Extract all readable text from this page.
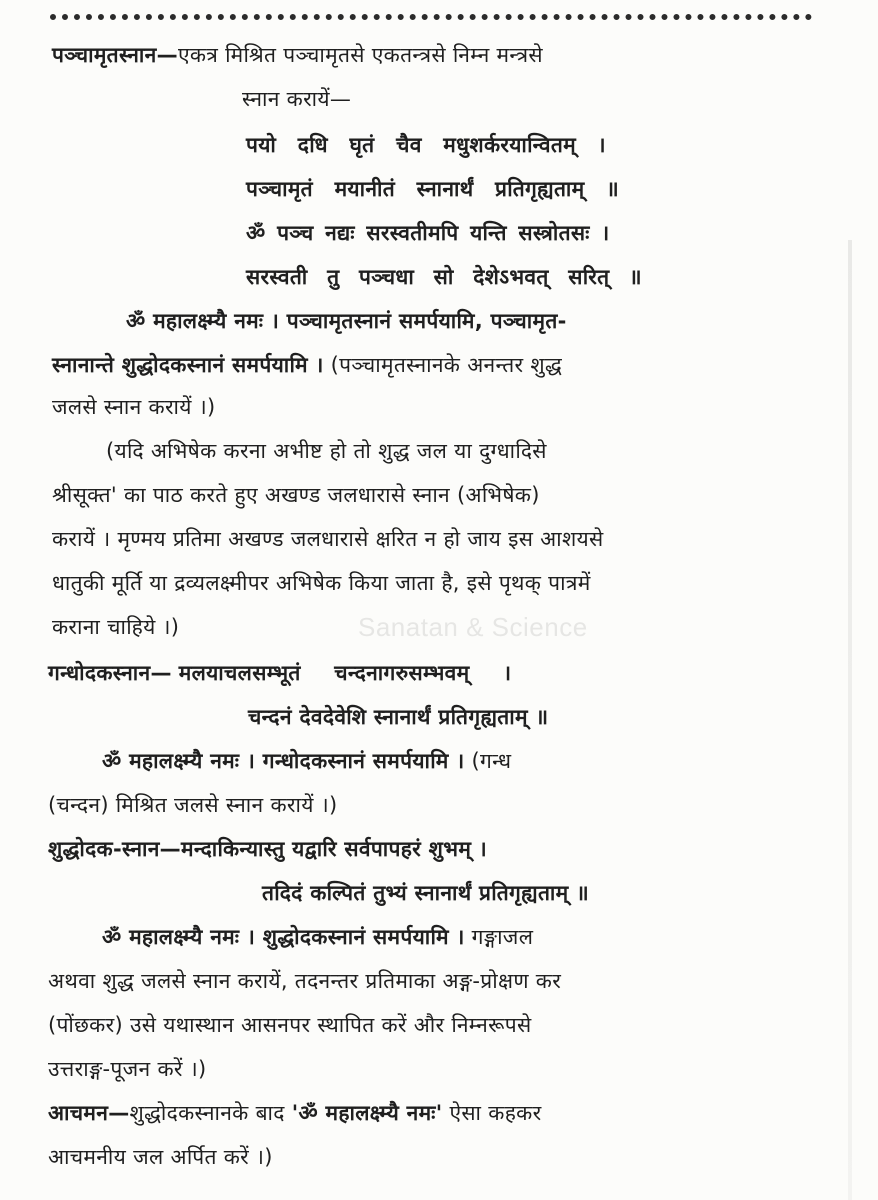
पञ्चामृतस्नान—एकत्र मिश्रित पञ्चामृतसे एकतन्त्रसे निम्न मन्त्रसे
स्नान करायें—
पयो दधि घृतं चैव मधुशर्करयान्वितम् ।
पञ्चामृतं मयानीतं स्नानार्थं प्रतिगृह्यताम् ॥
ॐ पञ्च नद्यः सरस्वतीमपि यन्ति सस्त्रोतसः ।
सरस्वती तु पञ्चधा सो देशेऽभवत् सरित् ॥
ॐ महालक्ष्म्यै नमः । पञ्चामृतस्नानं समर्पयामि, पञ्चामृत-
स्नानान्ते शुद्धोदकस्नानं समर्पयामि । (पञ्चामृतस्नानके अनन्तर शुद्ध
जलसे स्नान करायें ।)
(यदि अभिषेक करना अभीष्ट हो तो शुद्ध जल या दुग्धादिसे
श्रीसूक्त' का पाठ करते हुए अखण्ड जलधारासे स्नान (अभिषेक)
करायें । मृण्मय प्रतिमा अखण्ड जलधारासे क्षरित न हो जाय इस आशयसे
धातुकी मूर्ति या द्रव्यलक्ष्मीपर अभिषेक किया जाता है, इसे पृथक् पात्रमें
कराना चाहिये ।)	Sanatan & Science
गन्धोदकस्नान— मलयाचलसम्भूतं चन्दनागरुसम्भवम् ।
चन्दनं देवदेवेशि स्नानार्थं प्रतिगृह्यताम् ॥
ॐ महालक्ष्म्यै नमः । गन्धोदकस्नानं समर्पयामि । (गन्ध
(चन्दन) मिश्रित जलसे स्नान करायें ।)
शुद्धोदक-स्नान—मन्दाकिन्यास्तु यद्वारि सर्वपापहरं शुभम् ।
तदिदं कल्पितं तुभ्यं स्नानार्थं प्रतिगृह्यताम् ॥
ॐ महालक्ष्म्यै नमः । शुद्धोदकस्नानं समर्पयामि । गङ्गाजल
अथवा शुद्ध जलसे स्नान करायें, तदनन्तर प्रतिमाका अङ्ग-प्रोक्षण कर
(पोंछकर) उसे यथास्थान आसनपर स्थापित करें और निम्नरूपसे
उत्तराङ्ग-पूजन करें ।)
आचमन—शुद्धोदकस्नानके बाद 'ॐ महालक्ष्म्यै नमः' ऐसा कहकर
आचमनीय जल अर्पित करें ।)
